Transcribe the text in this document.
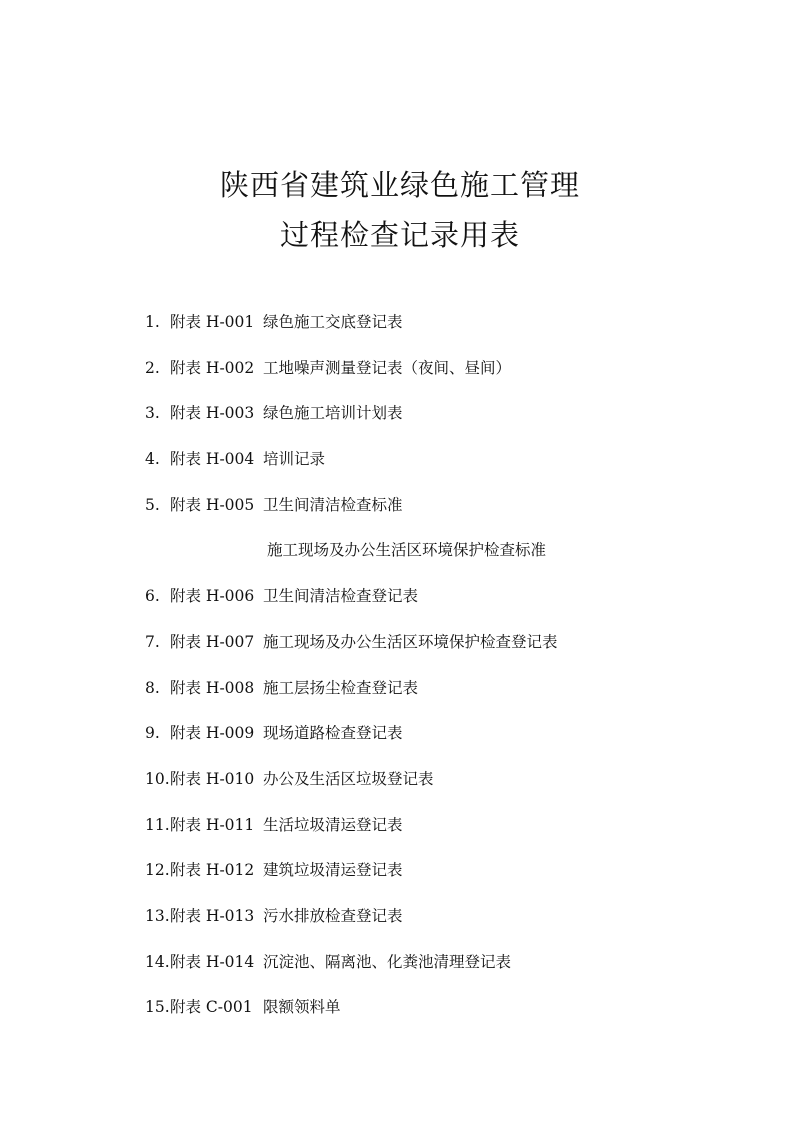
陕西省建筑业绿色施工管理
过程检查记录用表
1. 附表 H-001 绿色施工交底登记表
2. 附表 H-002 工地噪声测量登记表（夜间、昼间）
3. 附表 H-003 绿色施工培训计划表
4. 附表 H-004 培训记录
5. 附表 H-005 卫生间清洁检查标准
施工现场及办公生活区环境保护检查标准
6. 附表 H-006 卫生间清洁检查登记表
7. 附表 H-007 施工现场及办公生活区环境保护检查登记表
8. 附表 H-008 施工层扬尘检查登记表
9. 附表 H-009 现场道路检查登记表
10. 附表 H-010 办公及生活区垃圾登记表
11. 附表 H-011 生活垃圾清运登记表
12. 附表 H-012 建筑垃圾清运登记表
13. 附表 H-013 污水排放检查登记表
14. 附表 H-014 沉淀池、隔离池、化粪池清理登记表
15. 附表 C-001 限额领料单
